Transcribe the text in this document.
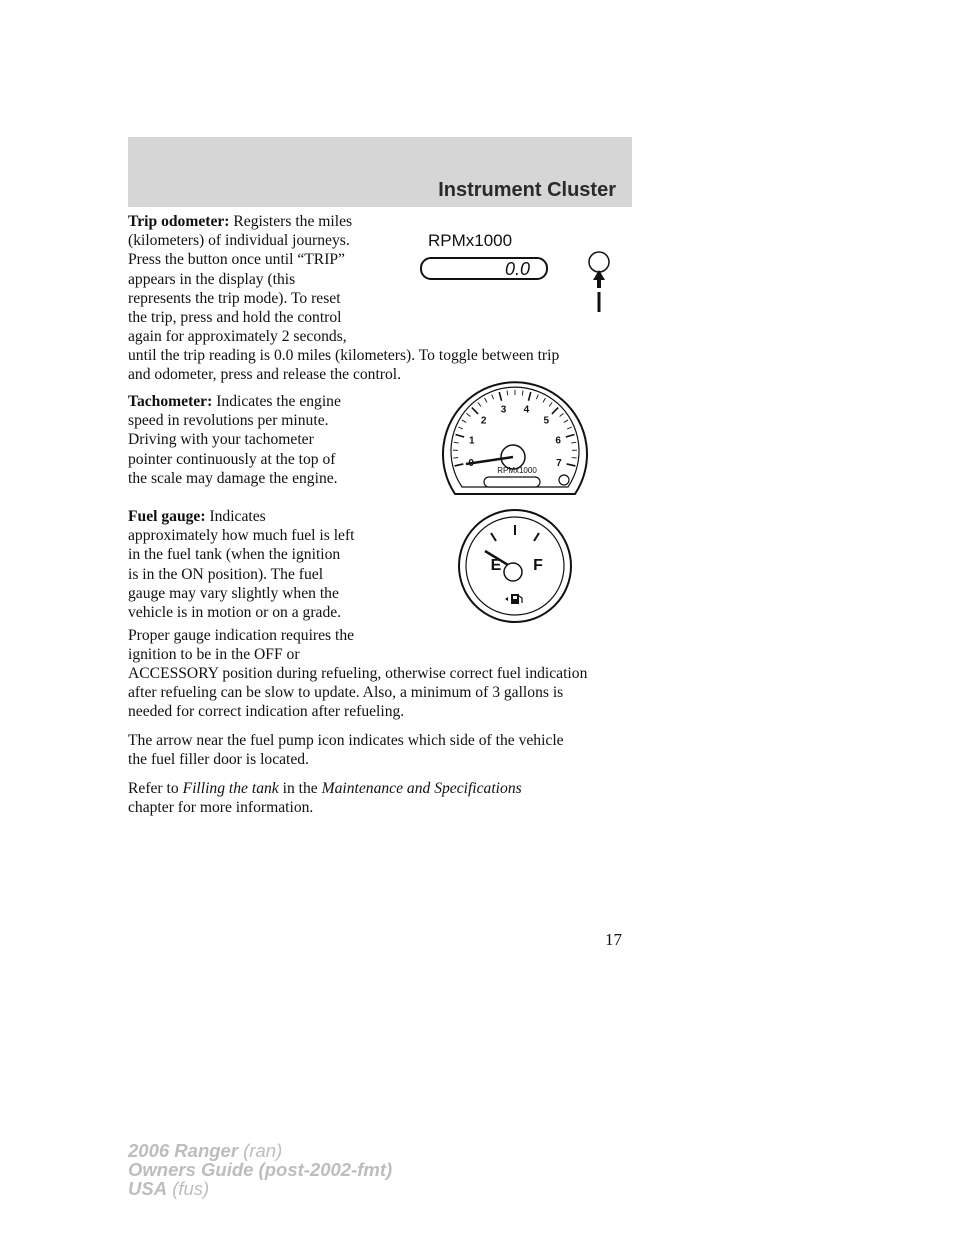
Instrument Cluster
Trip odometer: Registers the miles
(kilometers) of individual journeys.
Press the button once until “TRIP”
appears in the display (this
represents the trip mode). To reset
the trip, press and hold the control
again for approximately 2 seconds,
until the trip reading is 0.0 miles (kilometers). To toggle between trip
and odometer, press and release the control.
RPMx1000
0.0
Tachometer: Indicates the engine
speed in revolutions per minute.
Driving with your tachometer
pointer continuously at the top of
the scale may damage the engine.
1
2
3 4
5
6
7
RPMx1000
Fuel gauge: Indicates
approximately how much fuel is left
in the fuel tank (when the ignition
is in the ON position). The fuel
gauge may vary slightly when the
vehicle is in motion or on a grade.
Proper gauge indication requires the
ignition to be in the OFF or
ACCESSORY position during refueling, otherwise correct fuel indication
after refueling can be slow to update. Also, a minimum of 3 gallons is
needed for correct indication after refueling.
The arrow near the fuel pump icon indicates which side of the vehicle
the fuel filler door is located.
Refer to Filling the tank in the Maintenance and Specifications
chapter for more information.
E F
17
2006 Ranger (ran)
Owners Guide (post-2002-fmt)
USA (fus)
